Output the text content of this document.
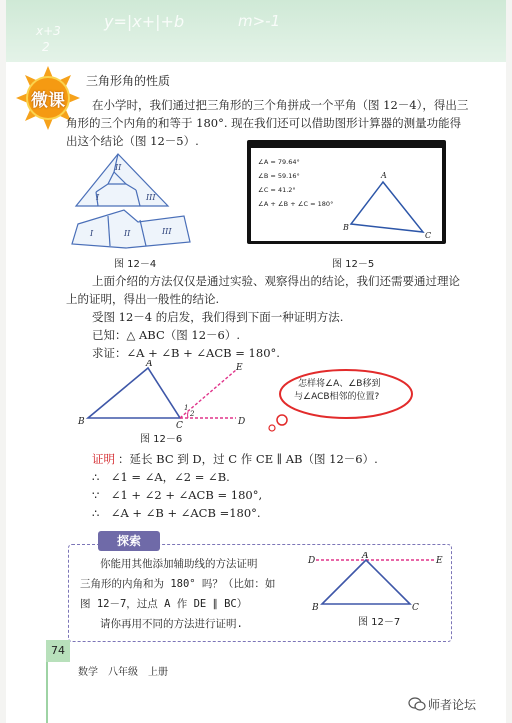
x+3
2
y=|x+|+b	m>-1
微课
三角形角的性质
在小学时，我们通过把三角形的三个角拼成一个平角（图 12－4），得出三
角形的三个内角的和等于 180°. 现在我们还可以借助图形计算器的测量功能得
出这个结论（图 12－5）.
II
I	III
I	II	III
图 12－4
∠A = 79.64°
∠B = 59.16°
∠C = 41.2°
∠A + ∠B + ∠C = 180°
A
B
C
图 12－5
上面介绍的方法仅仅是通过实验、观察得出的结论，我们还需要通过理论
上的证明，得出一般性的结论.
受图 12－4 的启发，我们得到下面一种证明方法.
已知：△ ABC（图 12－6）.
求证：∠A + ∠B + ∠ACB = 180°.
A
B	C	D
E
1
2
图 12－6
怎样将∠A、∠B移到
与∠ACB相邻的位置?
证明 ：延长 BC 到 D，过 C 作 CE ∥ AB（图 12－6）.
∴　∠1 = ∠A，∠2 = ∠B.
∵　∠1 + ∠2 + ∠ACB = 180°,
∴　∠A + ∠B + ∠ACB =180°.
探索
你能用其他添加辅助线的方法证明
三角形的内角和为 180° 吗？（比如：如
图 12－7，过点 A 作 DE ∥ BC）
请你再用不同的方法进行证明.
D	A	E
B	C
图 12－7
74
数学　八年级　上册
师者论坛
